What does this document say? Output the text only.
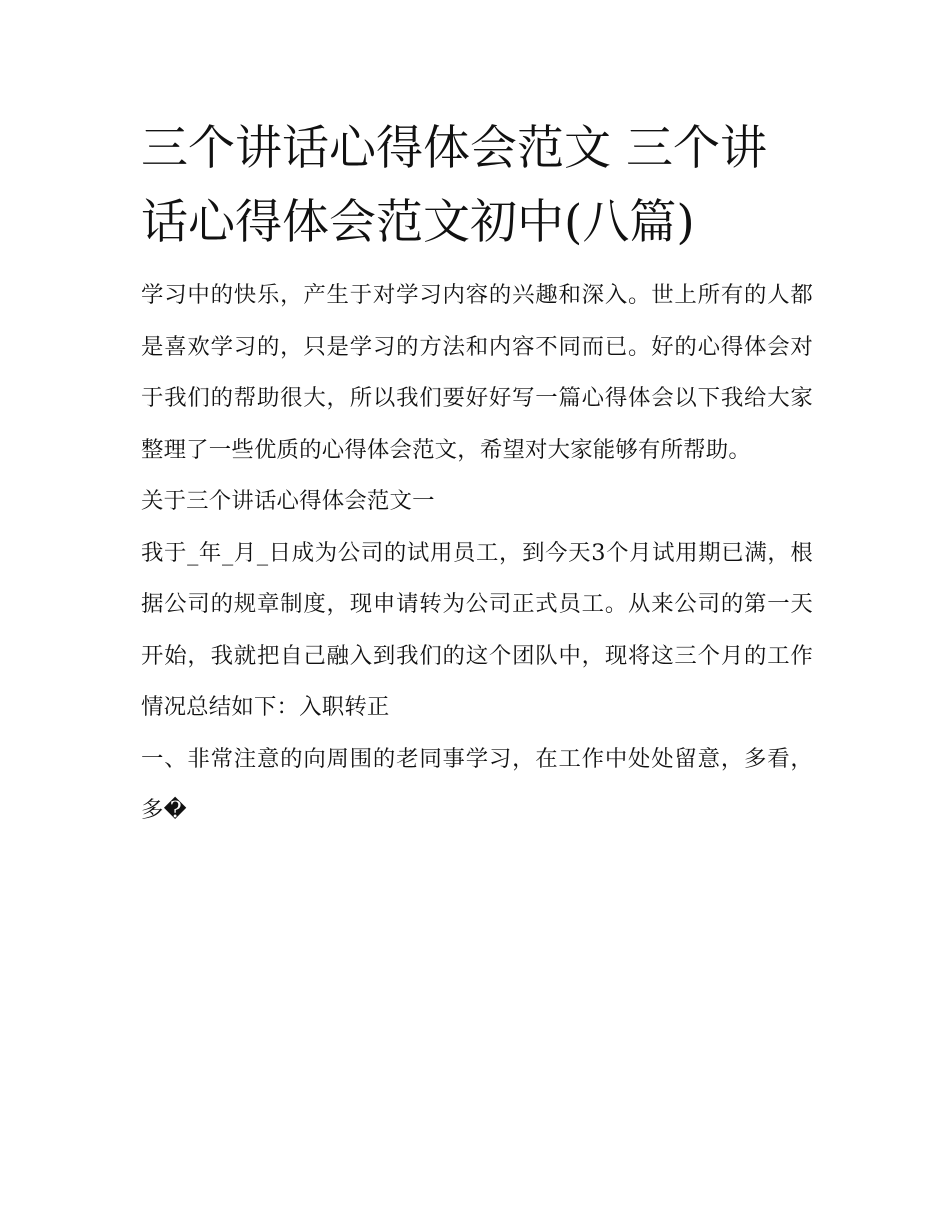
三个讲话心得体会范文 三个讲话心得体会范文初中(八篇)

学习中的快乐，产生于对学习内容的兴趣和深入。世上所有的人都是喜欢学习的，只是学习的方法和内容不同而已。好的心得体会对于我们的帮助很大，所以我们要好好写一篇心得体会以下我给大家整理了一些优质的心得体会范文，希望对大家能够有所帮助。

关于三个讲话心得体会范文一

我于_年_月_日成为公司的试用员工，到今天3个月试用期已满，根据公司的规章制度，现申请转为公司正式员工。从来公司的第一天开始，我就把自己融入到我们的这个团队中，现将这三个月的工作情况总结如下：入职转正

一、非常注意的向周围的老同事学习，在工作中处处留意，多看，多�
